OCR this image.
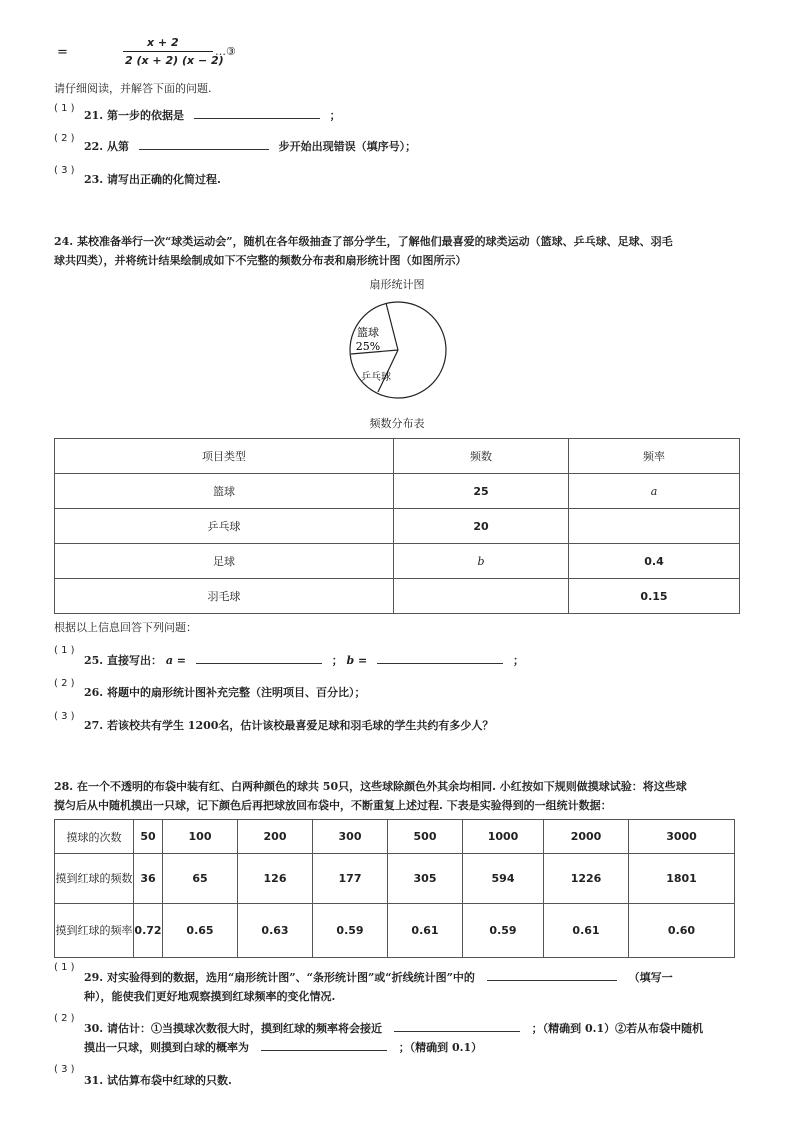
=
x + 2
2 (x + 2) (x − 2)
…③
请仔细阅读，并解答下面的问题.
( 1 )
21. 第一步的依据是	；
( 2 )
22. 从第	步开始出现错误（填序号）；
( 3 )
23. 请写出正确的化简过程.
24. 某校准备举行一次“球类运动会”，随机在各年级抽查了部分学生，了解他们最喜爱的球类运动（篮球、乒乓球、足球、羽毛
球共四类），并将统计结果绘制成如下不完整的频数分布表和扇形统计图（如图所示）
扇形统计图
篮球
25%
乒乓球
频数分布表
项目类型	频数	频率
篮球	25	a
乒乓球	20	
足球	b	0.4
羽毛球		0.15
根据以上信息回答下列问题：
( 1 )
25. 直接写出： a =	； b =	；
( 2 )
26. 将题中的扇形统计图补充完整（注明项目、百分比）；
( 3 )
27. 若该校共有学生 1200名，估计该校最喜爱足球和羽毛球的学生共约有多少人？
28. 在一个不透明的布袋中装有红、白两种颜色的球共 50只，这些球除颜色外其余均相同. 小红按如下规则做摸球试验：将这些球
搅匀后从中随机摸出一只球，记下颜色后再把球放回布袋中，不断重复上述过程. 下表是实验得到的一组统计数据：
摸球的次数	50	100	200	300	500	1000	2000	3000
摸到红球的频数	36	65	126	177	305	594	1226	1801
摸到红球的频率	0.72	0.65	0.63	0.59	0.61	0.59	0.61	0.60
( 1 )
29. 对实验得到的数据，选用“扇形统计图”、“条形统计图”或“折线统计图”中的	（填写一
种），能使我们更好地观察摸到红球频率的变化情况.
( 2 )
30. 请估计：①当摸球次数很大时，摸到红球的频率将会接近	；（精确到 0.1）②若从布袋中随机
摸出一只球，则摸到白球的概率为	；（精确到 0.1）
( 3 )
31. 试估算布袋中红球的只数.
